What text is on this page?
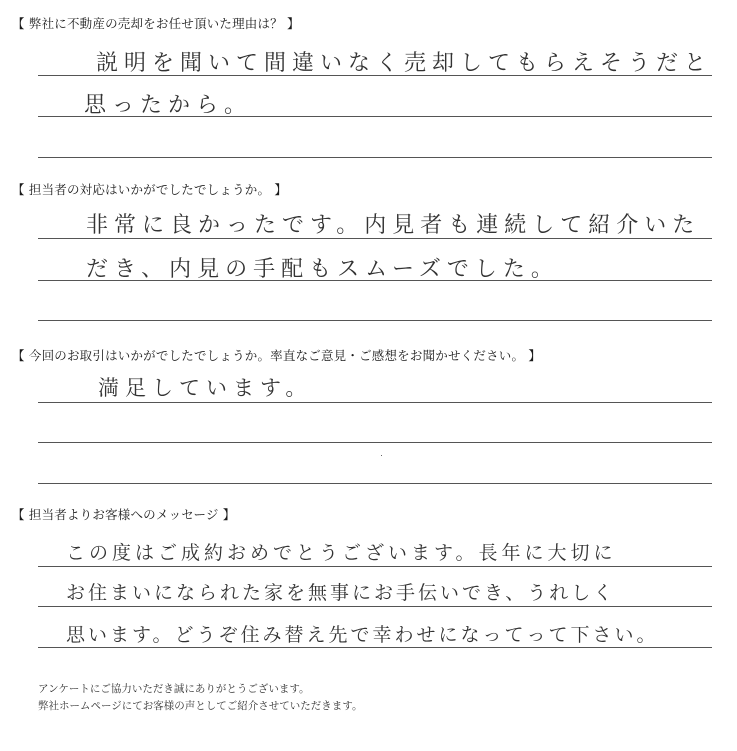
【 弊社に不動産の売却をお任せ頂いた理由は？ 】
説明を聞いて間違いなく売却してもらえそうだと
思ったから。
【 担当者の対応はいかがでしたでしょうか。 】
非常に良かったです。内見者も連続して紹介いた
だき、内見の手配もスムーズでした。
【 今回のお取引はいかがでしたでしょうか。率直なご意見・ご感想をお聞かせください。 】
満足しています。
【 担当者よりお客様へのメッセージ 】
この度はご成約おめでとうございます。長年に大切に
お住まいになられた家を無事にお手伝いでき、うれしく
思います。どうぞ住み替え先で幸わせになってって下さい。
アンケートにご協力いただき誠にありがとうございます。
弊社ホームページにてお客様の声としてご紹介させていただきます。
